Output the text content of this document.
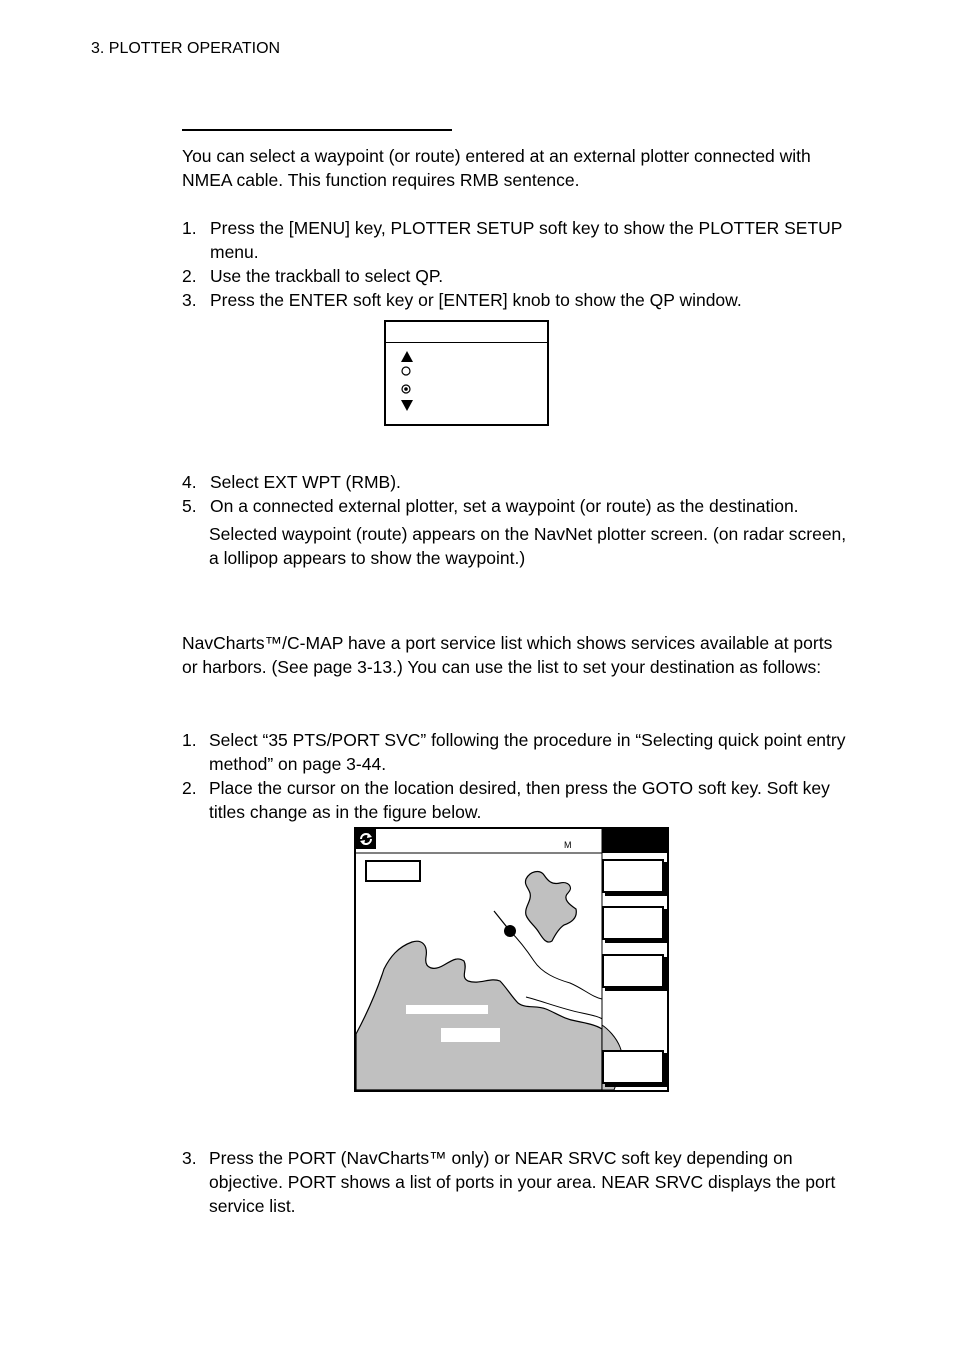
3. PLOTTER OPERATION
You can select a waypoint (or route) entered at an external plotter connected with NMEA cable. This function requires RMB sentence.
1. Press the [MENU] key, PLOTTER SETUP soft key to show the PLOTTER SETUP menu.
2. Use the trackball to select QP.
3. Press the ENTER soft key or [ENTER] knob to show the QP window.
4. Select EXT WPT (RMB).
5. On a connected external plotter, set a waypoint (or route) as the destination.
Selected waypoint (route) appears on the NavNet plotter screen. (on radar screen, a lollipop appears to show the waypoint.)
NavCharts™/C-MAP have a port service list which shows services available at ports or harbors. (See page 3-13.) You can use the list to set your destination as follows:
1. Select “35 PTS/PORT SVC” following the procedure in “Selecting quick point entry method” on page 3-44.
2. Place the cursor on the location desired, then press the GOTO soft key. Soft key titles change as in the figure below.
M
3. Press the PORT (NavCharts™ only) or NEAR SRVC soft key depending on objective. PORT shows a list of ports in your area. NEAR SRVC displays the port service list.
